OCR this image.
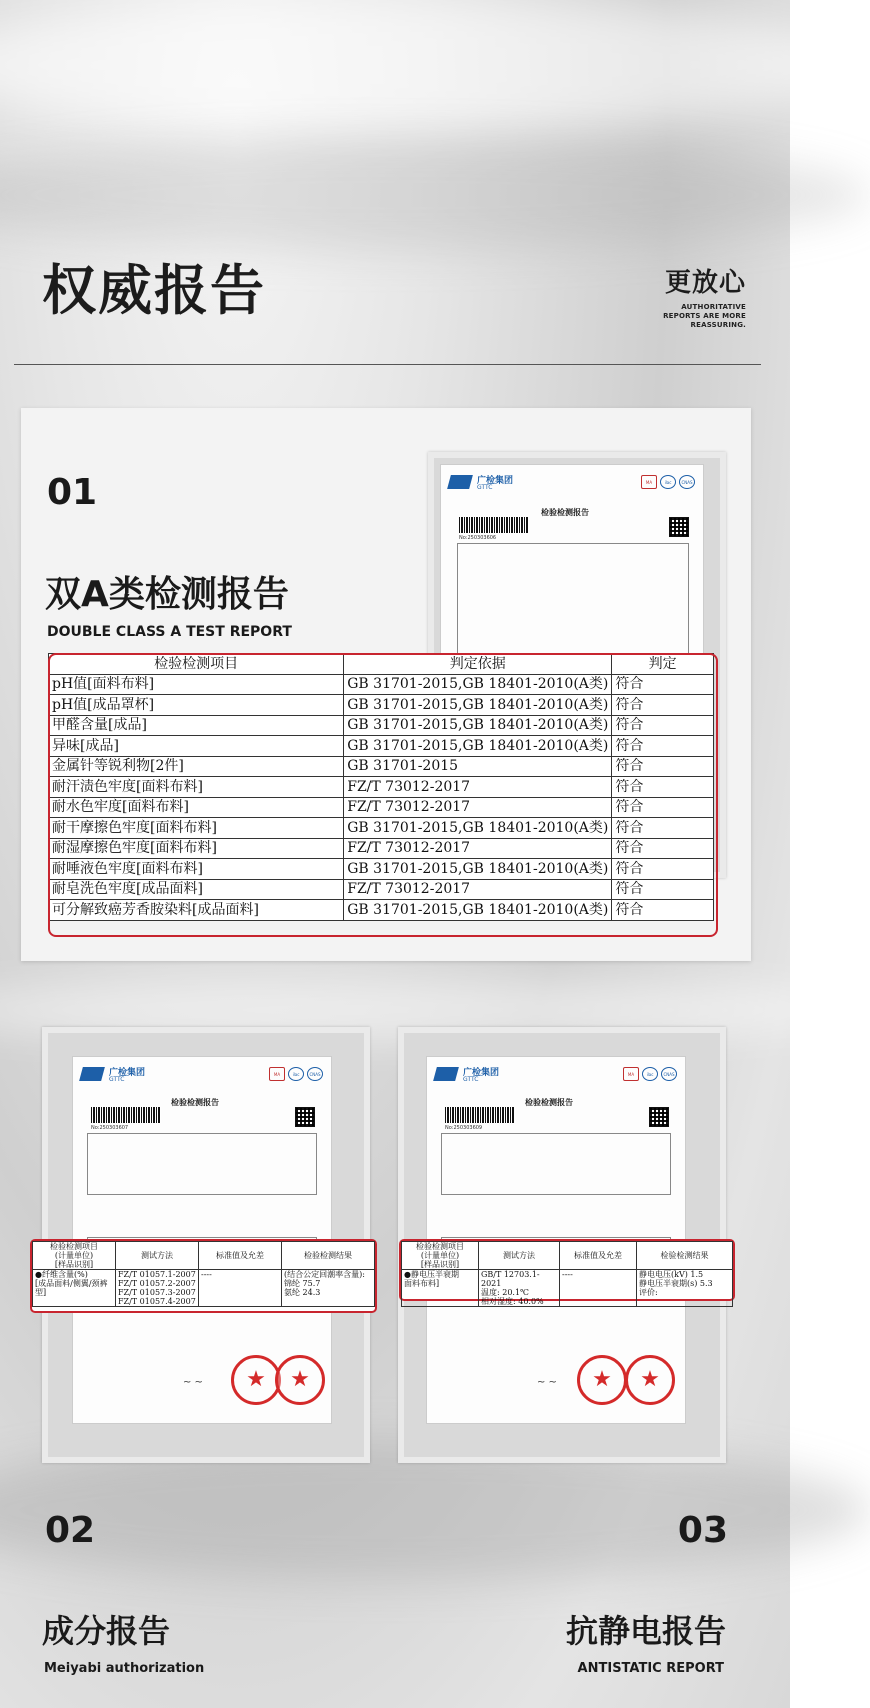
权威报告	更放心
AUTHORITATIVE
REPORTS ARE MORE
REASSURING.
01
双A类检测报告
DOUBLE CLASS A TEST REPORT
广检集团
GTTC
MA	ilac	CNAS
检验检测报告
No:250303606
检验检测项目	判定依据	判定
pH值[面料布料]	GB 31701-2015,GB 18401-2010(A类)	符合
pH值[成品罩杯]	GB 31701-2015,GB 18401-2010(A类)	符合
甲醛含量[成品]	GB 31701-2015,GB 18401-2010(A类)	符合
异味[成品]	GB 31701-2015,GB 18401-2010(A类)	符合
金属针等锐利物[2件]	GB 31701-2015	符合
耐汗渍色牢度[面料布料]	FZ/T 73012-2017	符合
耐水色牢度[面料布料]	FZ/T 73012-2017	符合
耐干摩擦色牢度[面料布料]	GB 31701-2015,GB 18401-2010(A类)	符合
耐湿摩擦色牢度[面料布料]	FZ/T 73012-2017	符合
耐唾液色牢度[面料布料]	GB 31701-2015,GB 18401-2010(A类)	符合
耐皂洗色牢度[成品面料]	FZ/T 73012-2017	符合
可分解致癌芳香胺染料[成品面料]	GB 31701-2015,GB 18401-2010(A类)	符合
广检集团
GTTC
MA	ilac	CNAS
检验检测报告
No:250303607
~ ~ ★ ★
检验检测项目
(计量单位)
[样品识别]	测试方法	标准值及允差	检验检测结果
●纤维含量(%)
[成品面料/侧翼/颈裤
型]	FZ/T 01057.1-2007
FZ/T 01057.2-2007
FZ/T 01057.3-2007
FZ/T 01057.4-2007	----	(结合公定回潮率含量):
锦纶 75.7
氨纶 24.3
广检集团
GTTC
MA	ilac	CNAS
检验检测报告
No:250303609
~ ~ ★ ★
检验检测项目
(计量单位)
[样品识别]	测试方法	标准值及允差	检验检测结果
●静电压半衰期
面料布料]	GB/T 12703.1-2021
温度: 20.1℃
相对湿度: 40.0%	----	静电电压(kV) 1.5
静电压半衰期(s) 5.3
评价:
02
成分报告
Meiyabi authorization
03
抗静电报告
ANTISTATIC REPORT
